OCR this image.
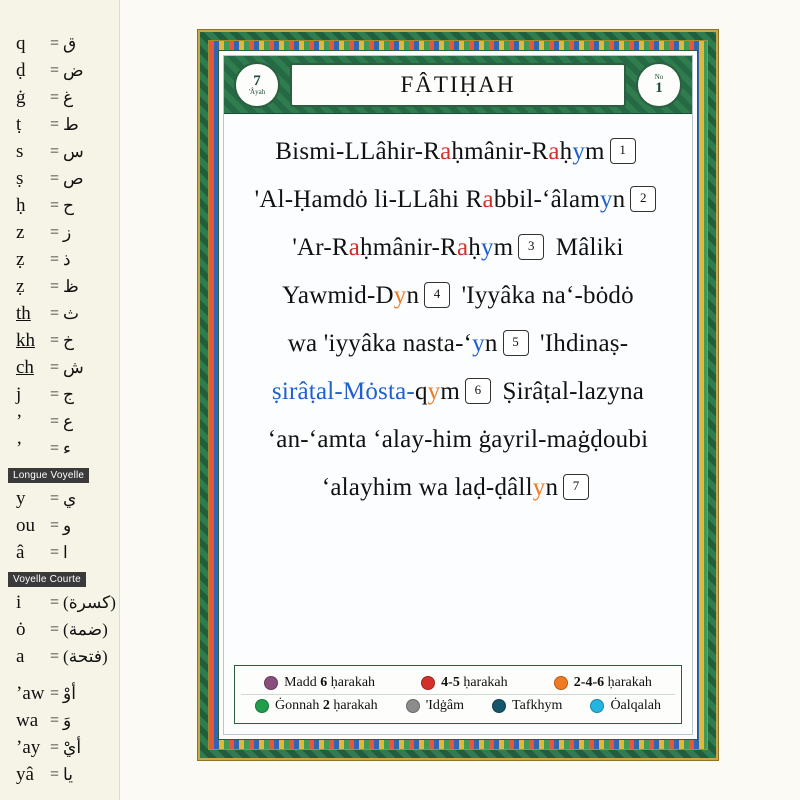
q	= ق
ḍ	= ض
ġ	= غ
ṭ	= ط
s	= س
ṣ	= ص
ḥ	= ح
z	= ز
ẓ	= ذ
ẓ	= ظ
th	= ث
kh = خ
ch	= ش
j	= ج
ʼ	= ع
ʼ	= ء
Longue Voyelle
y	= ي
ou = و
â	= ا
Voyelle Courte
i	= (كسرة)
ȯ	= (ضمة)
a	= (فتحة)
ʼaw = أوْ
wa = وَ
ʼay = أيْ
yâ	= يا
7
'Âyah	FÂTIḤAH	No
1
Bismi-LLâhir-Raḥmânir-Raḥym 1
'Al-Ḥamdȯ li-LLâhi Rabbil-ʻâlamyn 2
'Ar-Raḥmânir-Raḥym 3 Mâliki
Yawmid-Dyn 4 'Iyyâka naʻ-bȯdȯ
wa 'iyyâka nasta-ʻyn 5 'Ihdinaṣ-
ṣirâṭal-Mȯsta-qym 6 Ṣirâṭal-lazyna
ʻan-ʻamta ʻalay-him ġayril-maġḍoubi
ʻalayhim wa laḍ-ḍâllyn 7
Madd 6 ḥarakah	4-5 ḥarakah	2-4-6 ḥarakah
Ġonnah 2 ḥarakah	'Idġâm	Tafkhym	Ȯalqalah
